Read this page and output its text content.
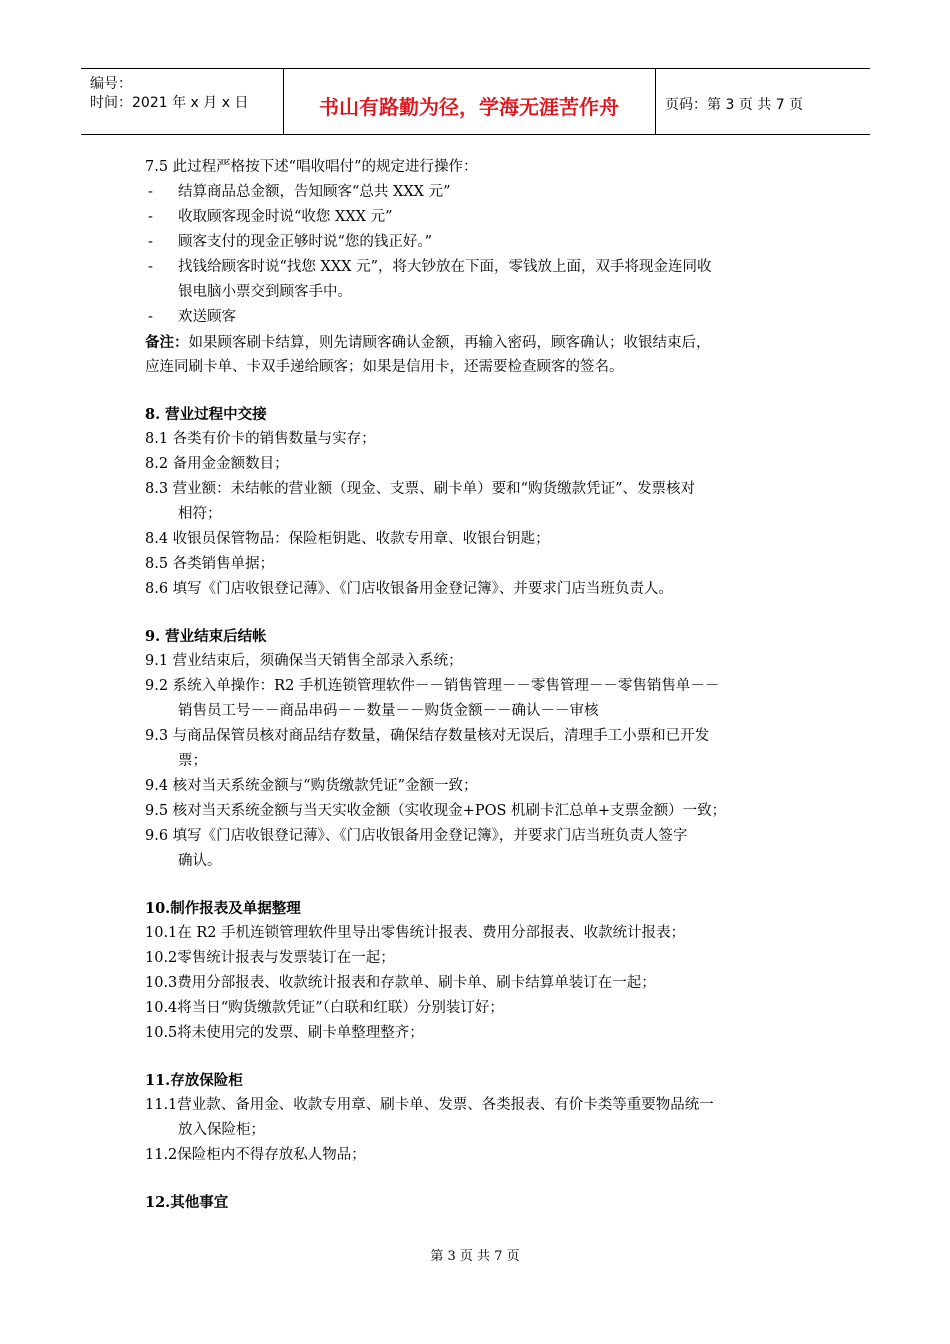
编号：
时间：2021 年 x 月 x 日	书山有路勤为径，学海无涯苦作舟	页码：第 3 页 共 7 页
7.5 此过程严格按下述“唱收唱付”的规定进行操作：
- 结算商品总金额，告知顾客“总共 XXX 元”
- 收取顾客现金时说“收您 XXX 元”
- 顾客支付的现金正够时说“您的钱正好。”
- 找钱给顾客时说“找您 XXX 元”，将大钞放在下面，零钱放上面，双手将现金连同收
银电脑小票交到顾客手中。
- 欢送顾客
备注：如果顾客刷卡结算，则先请顾客确认金额，再输入密码，顾客确认；收银结束后，
应连同刷卡单、卡双手递给顾客；如果是信用卡，还需要检查顾客的签名。
8. 营业过程中交接
8.1 各类有价卡的销售数量与实存；
8.2 备用金金额数目；
8.3 营业额：未结帐的营业额（现金、支票、刷卡单）要和“购货缴款凭证”、发票核对
相符；
8.4 收银员保管物品：保险柜钥匙、收款专用章、收银台钥匙；
8.5 各类销售单据；
8.6 填写《门店收银登记薄》、《门店收银备用金登记簿》、并要求门店当班负责人。
9. 营业结束后结帐
9.1 营业结束后，须确保当天销售全部录入系统；
9.2 系统入单操作：R2 手机连锁管理软件－－销售管理－－零售管理－－零售销售单－－
销售员工号－－商品串码－－数量－－购货金额－－确认－－审核
9.3 与商品保管员核对商品结存数量，确保结存数量核对无误后，清理手工小票和已开发
票；
9.4 核对当天系统金额与“购货缴款凭证”金额一致；
9.5 核对当天系统金额与当天实收金额（实收现金+POS 机刷卡汇总单+支票金额）一致；
9.6 填写《门店收银登记薄》、《门店收银备用金登记簿》，并要求门店当班负责人签字
确认。
10.制作报表及单据整理
10.1在 R2 手机连锁管理软件里导出零售统计报表、费用分部报表、收款统计报表；
10.2零售统计报表与发票装订在一起；
10.3费用分部报表、收款统计报表和存款单、刷卡单、刷卡结算单装订在一起；
10.4将当日“购货缴款凭证”（白联和红联）分别装订好；
10.5将未使用完的发票、刷卡单整理整齐；
11.存放保险柜
11.1营业款、备用金、收款专用章、刷卡单、发票、各类报表、有价卡类等重要物品统一
放入保险柜；
11.2保险柜内不得存放私人物品；
12.其他事宜
第 3 页 共 7 页
